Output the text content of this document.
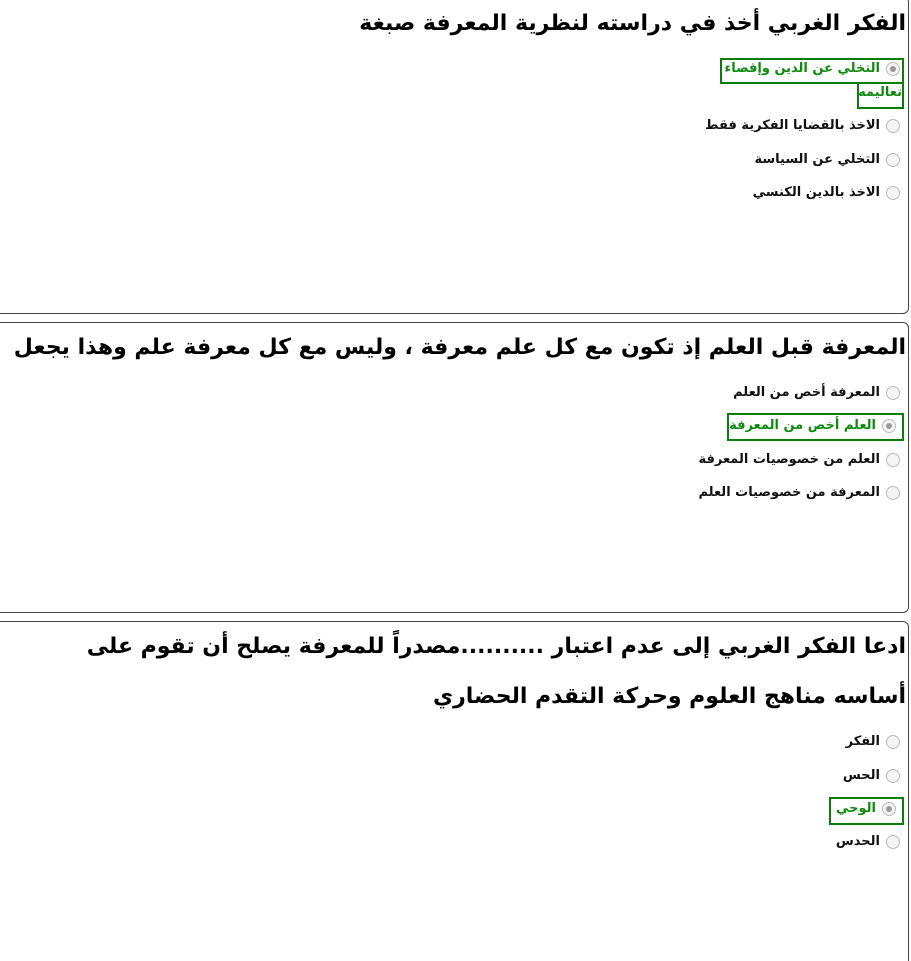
الفكر الغربي أخذ في دراسته لنظرية المعرفة صبغة
التخلي عن الدين وإقصاء
تعاليمه
الاخذ بالقضايا الفكرية فقط
التخلي عن السياسة
الاخذ بالدين الكنسي
المعرفة قبل العلم إذ تكون مع كل علم معرفة ، وليس مع كل معرفة علم وهذا يجعل
المعرفة أخص من العلم
العلم أخص من المعرفة
العلم من خصوصيات المعرفة
المعرفة من خصوصيات العلم
ادعا الفكر الغربي إلى عدم اعتبار ..........مصدراً للمعرفة يصلح أن تقوم على
أساسه مناهج العلوم وحركة التقدم الحضاري
الفكر
الحس
الوحي
الحدس
